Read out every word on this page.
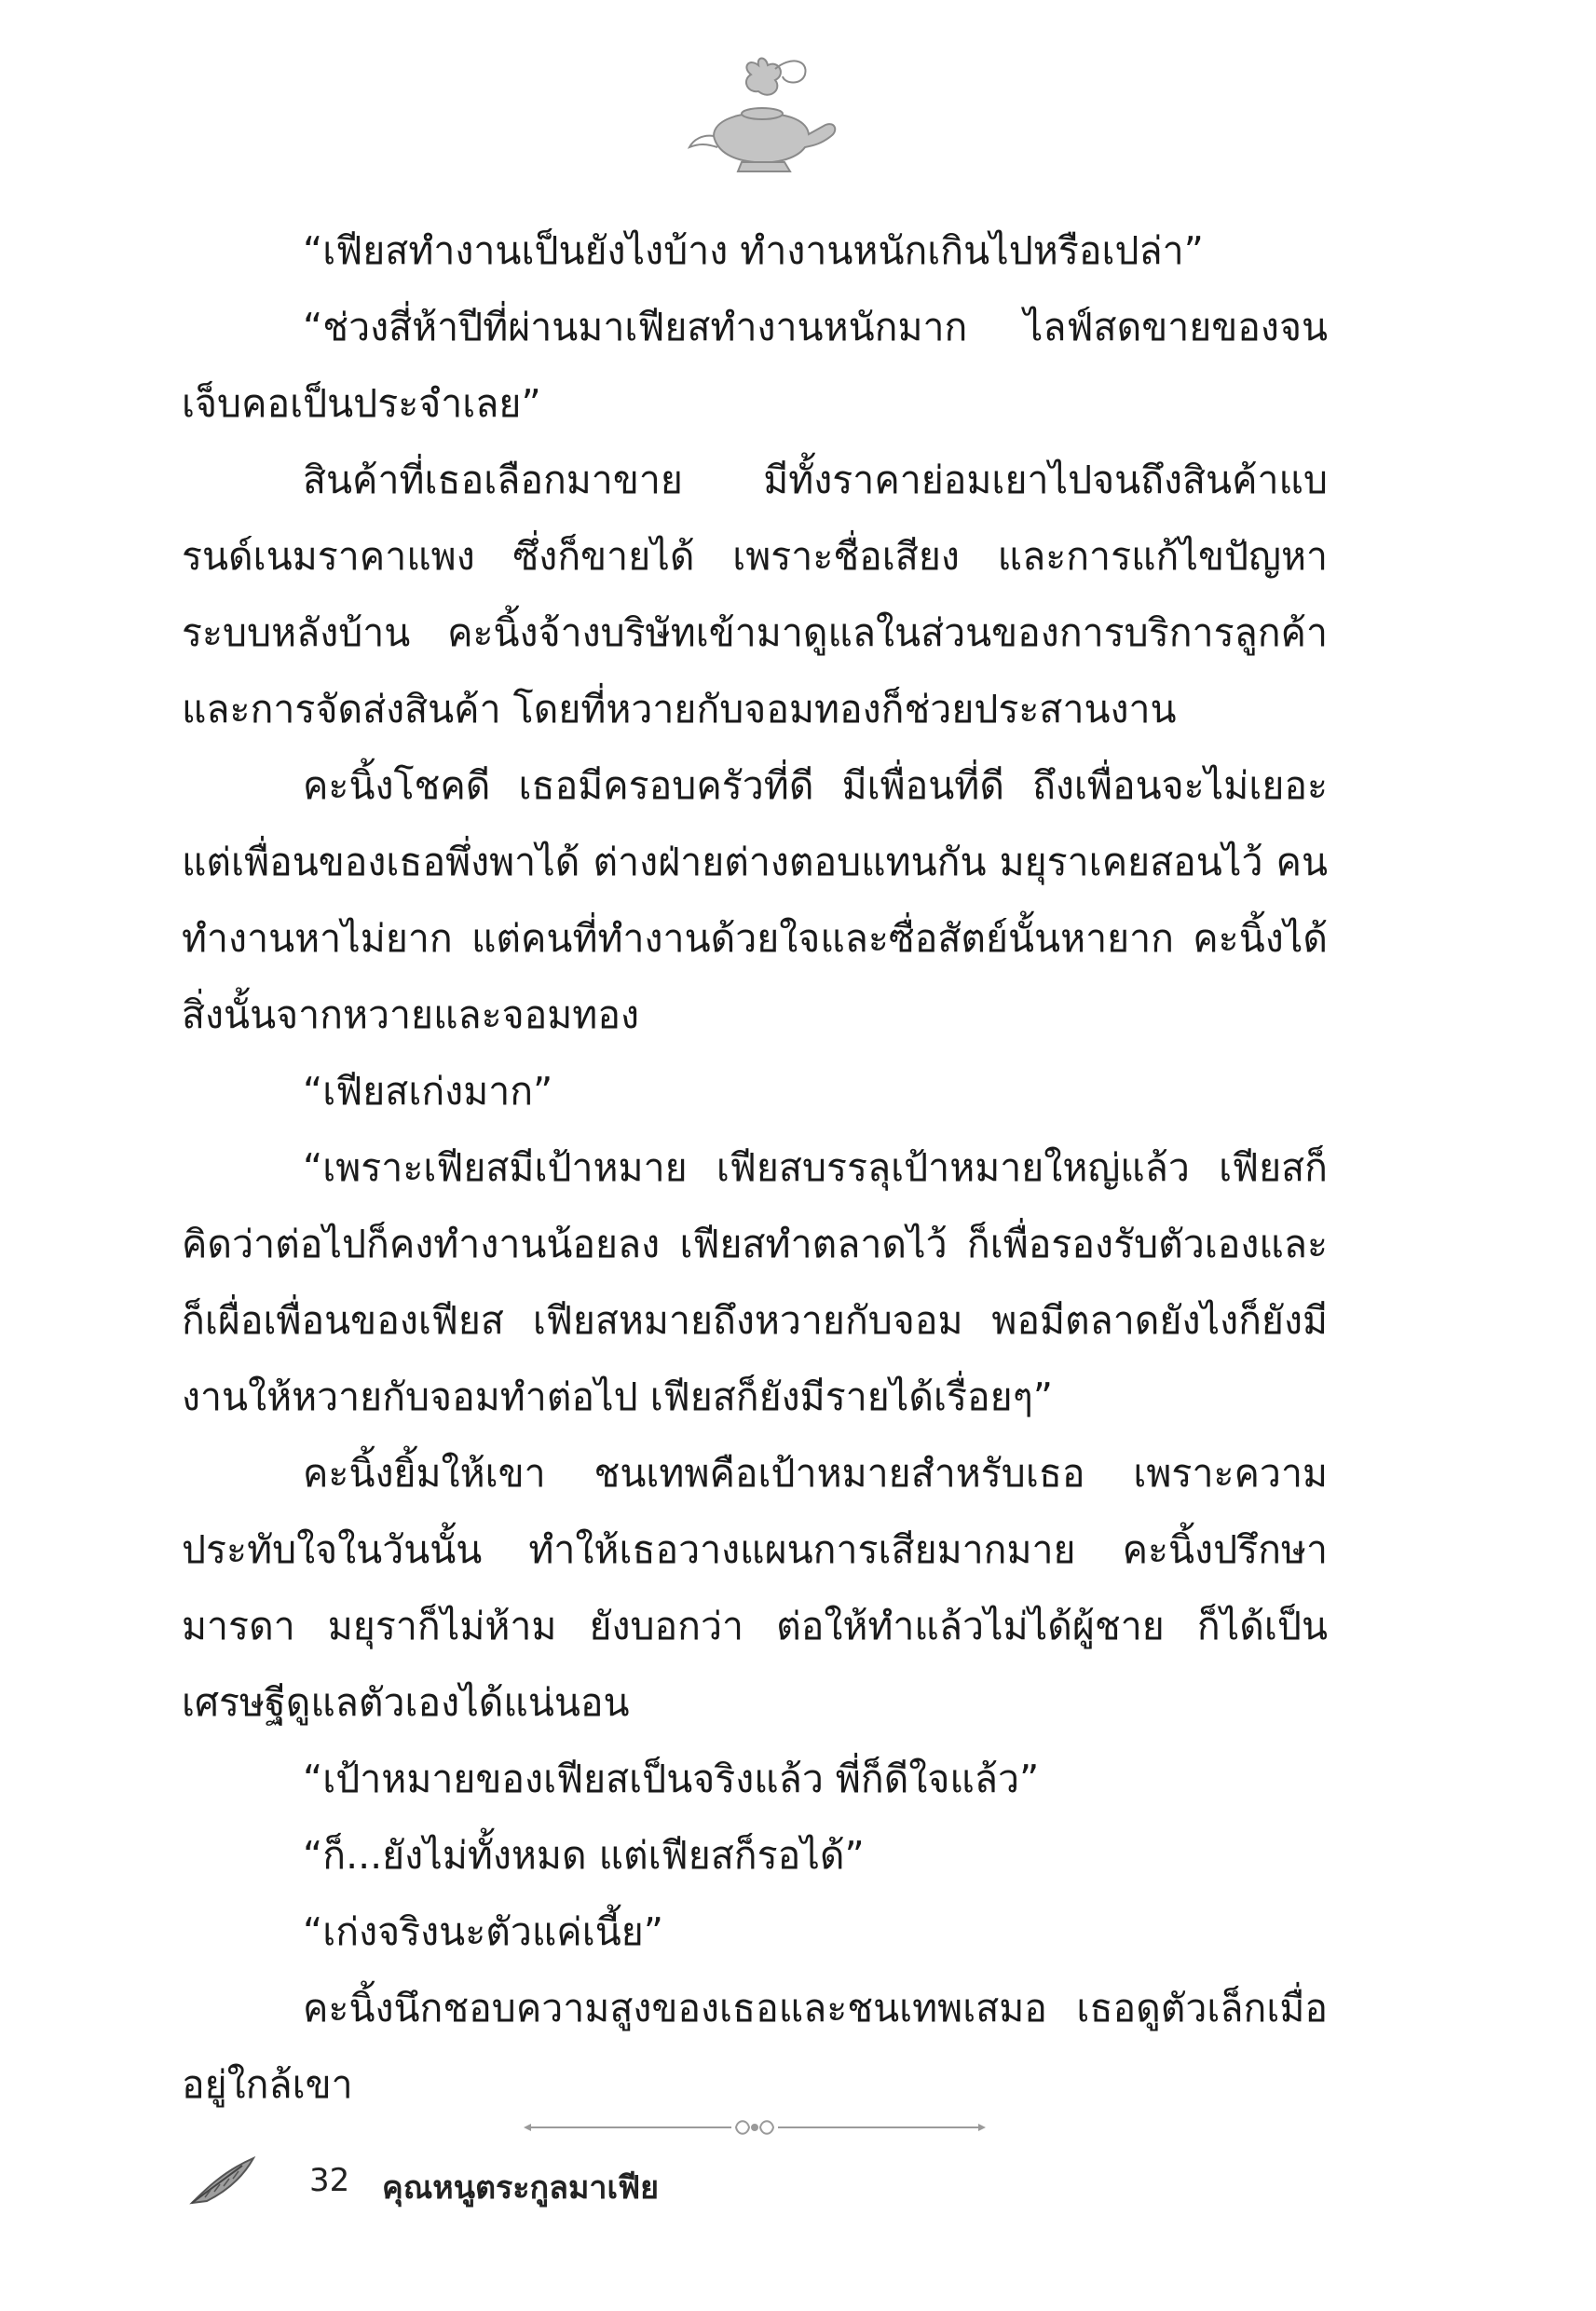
“เฟียสทำงานเป็นยังไงบ้าง ทำงานหนักเกินไปหรือเปล่า”

“ช่วงสี่ห้าปีที่ผ่านมาเฟียสทำงานหนักมาก ไลฟ์สดขายของจนเจ็บคอเป็นประจำเลย”

สินค้าที่เธอเลือกมาขาย มีทั้งราคาย่อมเยาไปจนถึงสินค้าแบรนด์เนมราคาแพง ซึ่งก็ขายได้ เพราะชื่อเสียง และการแก้ไขปัญหาระบบหลังบ้าน คะนิ้งจ้างบริษัทเข้ามาดูแลในส่วนของการบริการลูกค้าและการจัดส่งสินค้า โดยที่หวายกับจอมทองก็ช่วยประสานงาน

คะนิ้งโชคดี เธอมีครอบครัวที่ดี มีเพื่อนที่ดี ถึงเพื่อนจะไม่เยอะแต่เพื่อนของเธอพึ่งพาได้ ต่างฝ่ายต่างตอบแทนกัน มยุราเคยสอนไว้ คนทำงานหาไม่ยาก แต่คนที่ทำงานด้วยใจและซื่อสัตย์นั้นหายาก คะนิ้งได้สิ่งนั้นจากหวายและจอมทอง

“เฟียสเก่งมาก”

“เพราะเฟียสมีเป้าหมาย เฟียสบรรลุเป้าหมายใหญ่แล้ว เฟียสก็คิดว่าต่อไปก็คงทำงานน้อยลง เฟียสทำตลาดไว้ ก็เพื่อรองรับตัวเองและก็เผื่อเพื่อนของเฟียส เฟียสหมายถึงหวายกับจอม พอมีตลาดยังไงก็ยังมีงานให้หวายกับจอมทำต่อไป เฟียสก็ยังมีรายได้เรื่อยๆ”

คะนิ้งยิ้มให้เขา ชนเทพคือเป้าหมายสำหรับเธอ เพราะความประทับใจในวันนั้น ทำให้เธอวางแผนการเสียมากมาย คะนิ้งปรึกษามารดา มยุราก็ไม่ห้าม ยังบอกว่า ต่อให้ทำแล้วไม่ได้ผู้ชาย ก็ได้เป็นเศรษฐีดูแลตัวเองได้แน่นอน

“เป้าหมายของเฟียสเป็นจริงแล้ว พี่ก็ดีใจแล้ว”

“ก็...ยังไม่ทั้งหมด แต่เฟียสก็รอได้”

“เก่งจริงนะตัวแค่เนี้ย”

คะนิ้งนึกชอบความสูงของเธอและชนเทพเสมอ เธอดูตัวเล็กเมื่ออยู่ใกล้เขา

32 คุณหนูตระกูลมาเฟีย
